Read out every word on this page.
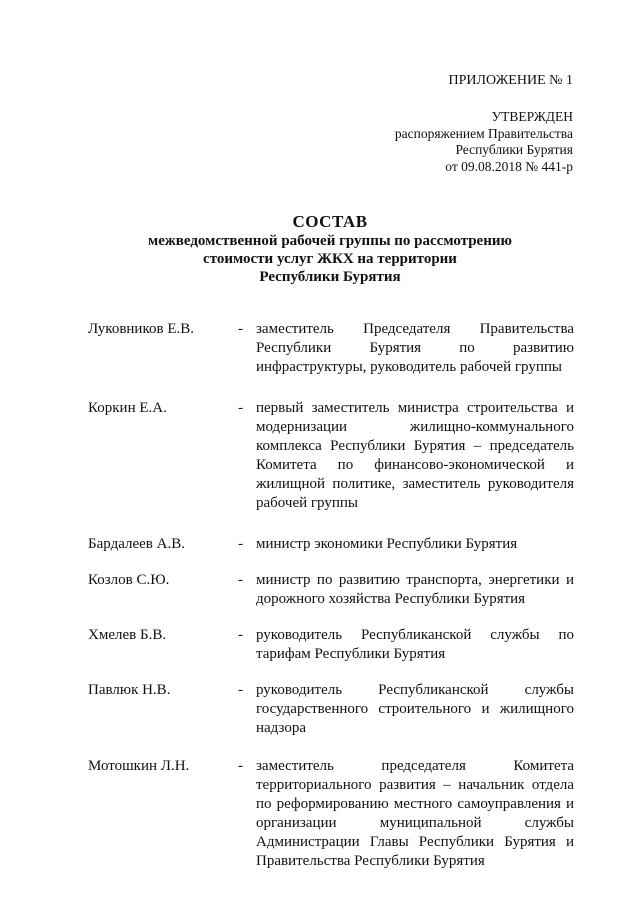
ПРИЛОЖЕНИЕ № 1
УТВЕРЖДЕН
распоряжением Правительства
Республики Бурятия
от 09.08.2018 № 441-р
СОСТАВ
межведомственной рабочей группы по рассмотрению
стоимости услуг ЖКХ на территории
Республики Бурятия
Луковников Е.В.	- заместитель Председателя Правительства Республики Бурятия по развитию инфраструктуры, руководитель рабочей группы
Коркин Е.А.	- первый заместитель министра строительства и модернизации жилищно-коммунального комплекса Республики Бурятия – председатель Комитета по финансово-экономической и жилищной политике, заместитель руководителя рабочей группы
Бардалеев А.В.	- министр экономики Республики Бурятия
Козлов С.Ю.	- министр по развитию транспорта, энергетики и дорожного хозяйства Республики Бурятия
Хмелев Б.В.	- руководитель Республиканской службы по тарифам Республики Бурятия
Павлюк Н.В.	- руководитель Республиканской службы государственного строительного и жилищного надзора
Мотошкин Л.Н.	- заместитель председателя Комитета территориального развития – начальник отдела по реформированию местного самоуправления и организации муниципальной службы Администрации Главы Республики Бурятия и Правительства Республики Бурятия
